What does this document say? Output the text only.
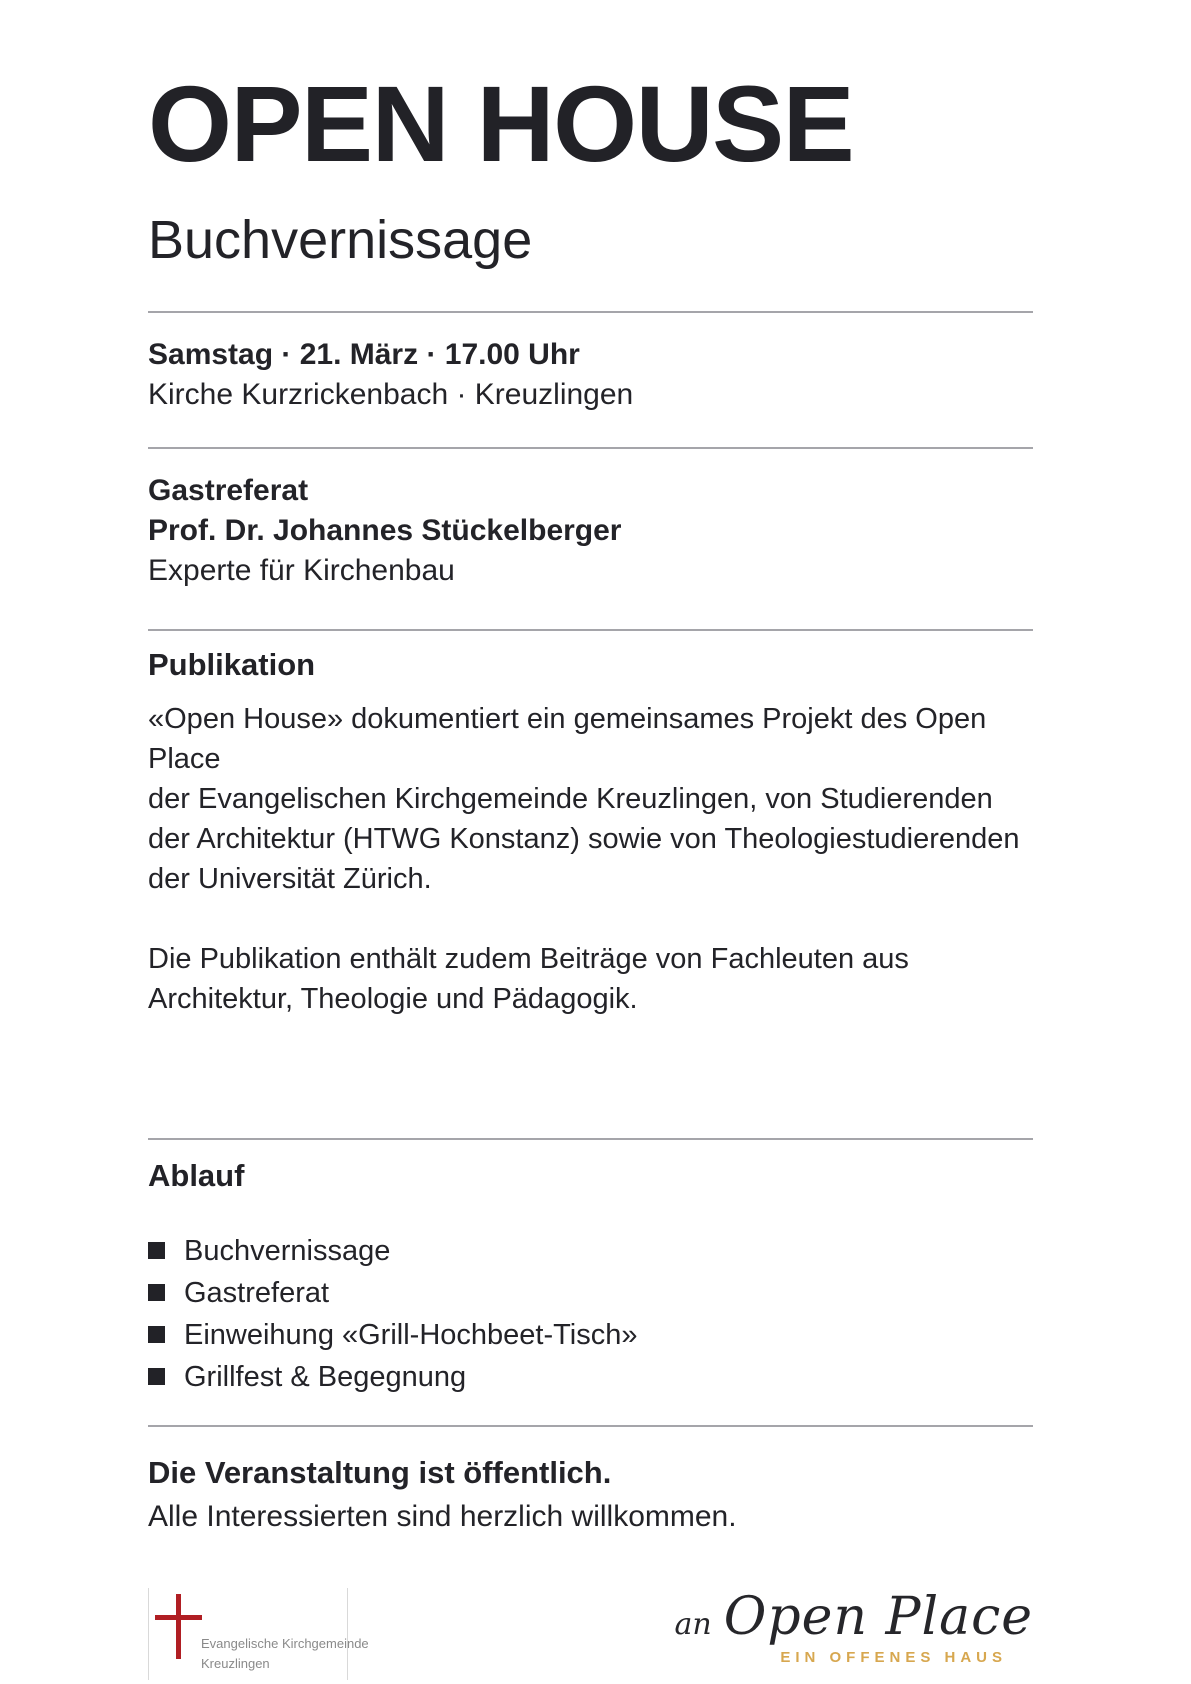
OPEN HOUSE
Buchvernissage
Samstag · 21. März · 17.00 Uhr
Kirche Kurzrickenbach · Kreuzlingen
Gastreferat
Prof. Dr. Johannes Stückelberger
Experte für Kirchenbau
Publikation
«Open House» dokumentiert ein gemeinsames Projekt des Open Place
der Evangelischen Kirchgemeinde Kreuzlingen, von Studierenden
der Architektur (HTWG Konstanz) sowie von Theologiestudierenden
der Universität Zürich.
Die Publikation enthält zudem Beiträge von Fachleuten aus
Architektur, Theologie und Pädagogik.
Ablauf
Buchvernissage
Gastreferat
Einweihung «Grill-Hochbeet-Tisch»
Grillfest & Begegnung
Die Veranstaltung ist öffentlich.
Alle Interessierten sind herzlich willkommen.
Evangelische Kirchgemeinde
Kreuzlingen
an Open Place
EIN OFFENES HAUS
